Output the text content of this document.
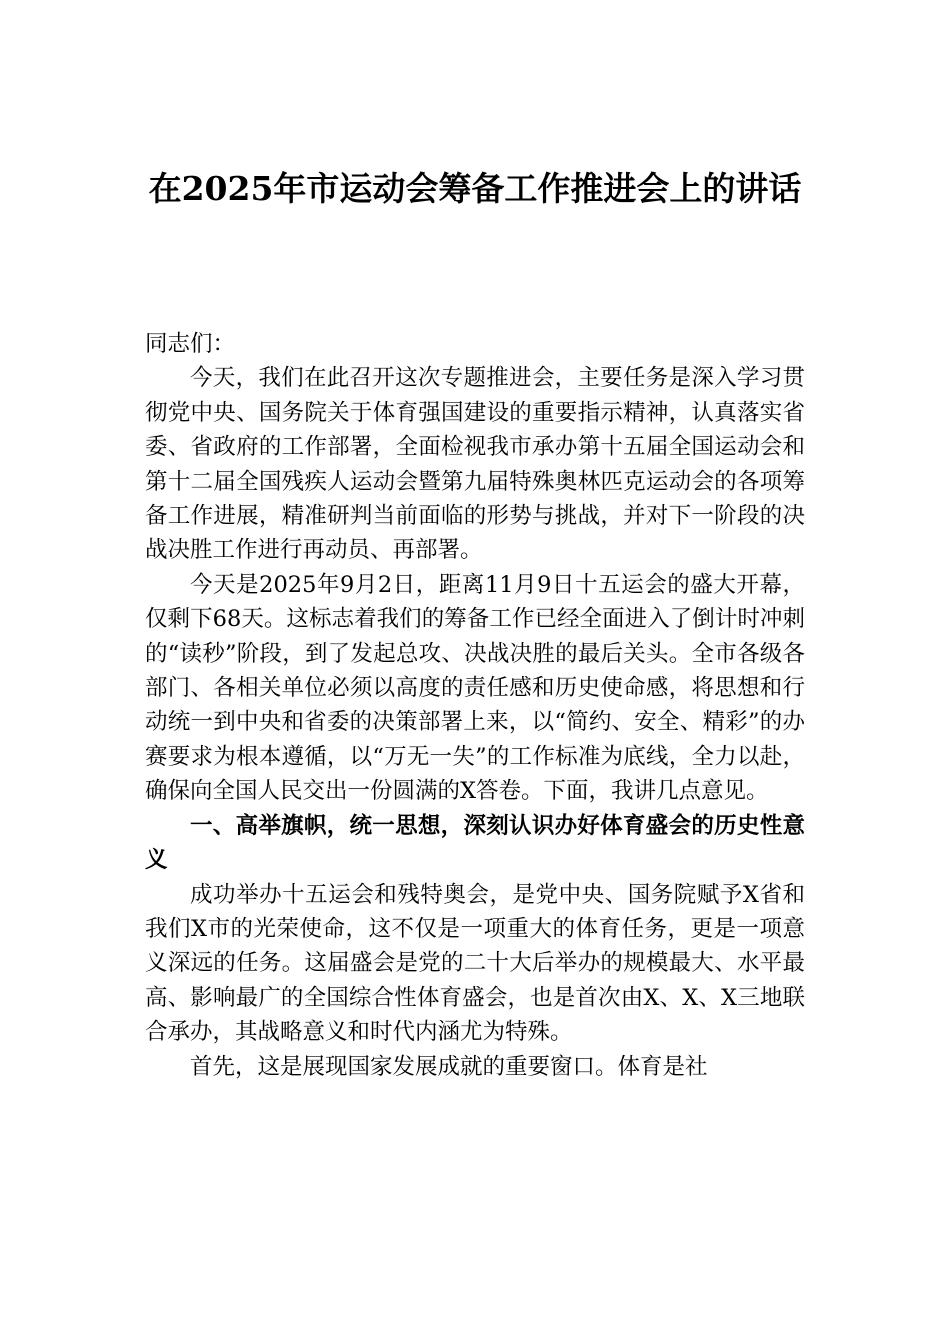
在2025年市运动会筹备工作推进会上的讲话

同志们：

今天，我们在此召开这次专题推进会，主要任务是深入学习贯彻党中央、国务院关于体育强国建设的重要指示精神，认真落实省委、省政府的工作部署，全面检视我市承办第十五届全国运动会和第十二届全国残疾人运动会暨第九届特殊奥林匹克运动会的各项筹备工作进展，精准研判当前面临的形势与挑战，并对下一阶段的决战决胜工作进行再动员、再部署。

今天是2025年9月2日，距离11月9日十五运会的盛大开幕，仅剩下68天。这标志着我们的筹备工作已经全面进入了倒计时冲刺的“读秒”阶段，到了发起总攻、决战决胜的最后关头。全市各级各部门、各相关单位必须以高度的责任感和历史使命感，将思想和行动统一到中央和省委的决策部署上来，以“简约、安全、精彩”的办赛要求为根本遵循，以“万无一失”的工作标准为底线，全力以赴，确保向全国人民交出一份圆满的X答卷。下面，我讲几点意见。

一、高举旗帜，统一思想，深刻认识办好体育盛会的历史性意义

成功举办十五运会和残特奥会，是党中央、国务院赋予X省和我们X市的光荣使命，这不仅是一项重大的体育任务，更是一项意义深远的任务。这届盛会是党的二十大后举办的规模最大、水平最高、影响最广的全国综合性体育盛会，也是首次由X、X、X三地联合承办，其战略意义和时代内涵尤为特殊。

首先，这是展现国家发展成就的重要窗口。体育是社
